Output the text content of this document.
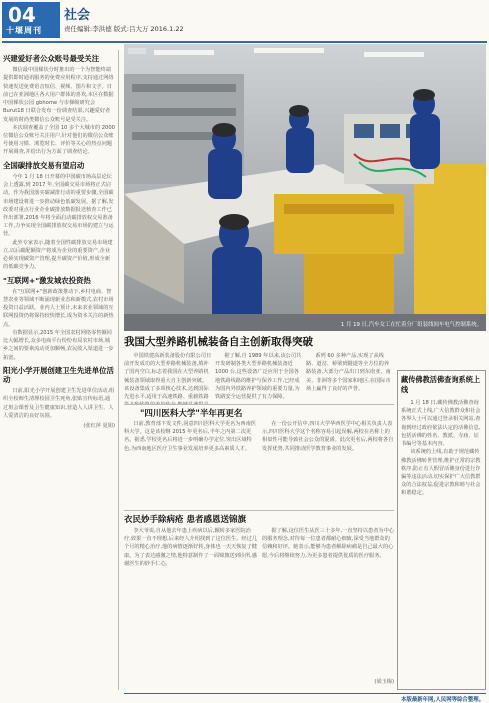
04
十堰周刊
社会
责任编辑:李洪德 版式:吕大万 2016.1.22
兴建爱好者公众账号最受关注

微信最中国梯状分时推出的一个为智能终端提供即时通讯服务的免费应用程序,支持通过网络快速发送免费语音短信、视频、图片和文字。日前已在亚洲地区各大用户群体的喜欢,本区在数据中国梯状公园 gbhome 与市梯级研究会 Burut18 日联合发布一份调查结果,兴趣爱好者发展的时尚类微信公众账号是受关注。

本次调查覆盖了全国 10 多个大城市的 2000 位微信公众账号关注用户,针对他们的微信公众账号使用习惯、浏览时长、评价等关心的热点问题开展调查,并给出行为方面了调查结论。

全国碳排放交易有望启动

今年 1 月 18 日开幕的中国碳市场高层论坛会上透露,到 2017 年,全国碳交易市场将正式启动。作为我国落实碳减排行动的重要步骤,全国碳市场建设将进一步推动绿色低碳发展。据了解,发改委对重点行业企业碳排放数据报送核查工作已作出部署,2016 年将全面启动碳排放权交易准备工作,力争实现全国碳排放权交易市场的建立与运营。

此外专家表示,随着全国性碳排放交易市场建立,以后碳配额资产将成为企业的重要资产,企业必须实现碳资产管理,提升碳资产价值,形成全新的低碳竞争力。

"互联网+"激发城农投资热

在"互联网+"创新政策推动下,乡村电商、智慧农业等领域不断涌现新业态和新模式,农村市场投资日益活跃。业内人士预计,未来农业领域的互联网投资仍将保持较快增长,成为资本关注的新热点。

有数据显示,2015 年全国农村网络零售额同比大幅增长,众多电商平台纷纷布局农村市场,城乡之间的要素流动更加顺畅,农民收入渠道进一步拓宽。

阳光小学开展创建卫生先进单位活动

日前,阳光小学开展创建卫生先进单位活动,组织全校师生清理校园卫生死角,张贴宣传标语,通过班会课普及卫生健康知识,营造人人讲卫生、人人爱清洁的良好氛围。

(张红萍 夏娟)
1 月 19 日,汽车女工在忙着分厂组装线间车电气控制系统。
我国大型养路机械装备自主创新取得突破

中国铁建高新装备股份有限公司日前开发成功的大型养路机械装备,填补了国内空白,标志着我国在大型养路机械装备领域取得重大自主创新突破。该设备集成了多项核心技术,达到国际先进水平,适用于高速铁路、重载铁路

据了解,自 1989 年以来,该公司共开发研制各类大型养路机械装备近 1000 台,这些设备广泛应用于全国各地铁路线路的维护与保养工作,已经成为国内外铁路养护领域的重要力量,为铁路安全运营提供了有力保障。

系列 60 多种产品,实现了从线路、道岔、桥梁到隧道等全方位的养路装备,大部分产品出口到东南亚、南美、非洲等多个国家和地区,在国际市场上赢得了良好的声誉。

"四川医科大学"半年再更名

日前,教育部下发文件,同意四川医科大学更名为西南医科大学。这是该校继 2015 年更名后,半年之内第二次更名。据悉,学校更名后将进一步明确办学定位,突出区域特色,为西南地区医疗卫生事业发展培养更多高素质人才。

在一份公开信中,四川大学华西医学中心相关负责人表示,四川医科大学这个名称容易引起误解,两校在名称上的相似性可能导致社会公众的混淆。此次更名后,两校将各自发挥优势,共同推动医学教育事业的发展。

衣民妙手除病疮 患者感恩送锦旗

李大爷说,自从他去年患上疾病以后,辗转多家医院治疗,效果一直不理想,后来经人介绍找到了这位医生。经过几个月的精心治疗,他的病情逐渐好转,身体也一天天恢复了健康。为了表达感激之情,他特意制作了一面锦旗送到诊所,感谢医生的妙手仁心。

据了解,这位医生从医三十多年,一直坚持以患者为中心的服务理念,对待每一位患者都耐心细致,深受当地群众的信赖和好评。她表示,能够为患者解除病痛是自己最大的心愿,今后将继续努力,为更多患者提供优质的医疗服务。

(梁玉梅)
藏传佛教活佛查询系统上线

1 月 18 日,藏传佛教活佛查询系统正式上线,广大信教群众和社会各界人士可以通过登录相关网站,查询到经过政府依法认定的活佛信息,包括活佛的姓名、教派、寺庙、证书编号等基本内容。

该系统的上线,有助于规范藏传佛教活佛转世管理,维护正常的宗教秩序,防止有人假冒活佛身份进行诈骗等违法活动,切实保护广大信教群众的合法权益,促进宗教和睦与社会和谐稳定。

本版最新年网,人民网等综合整理。
